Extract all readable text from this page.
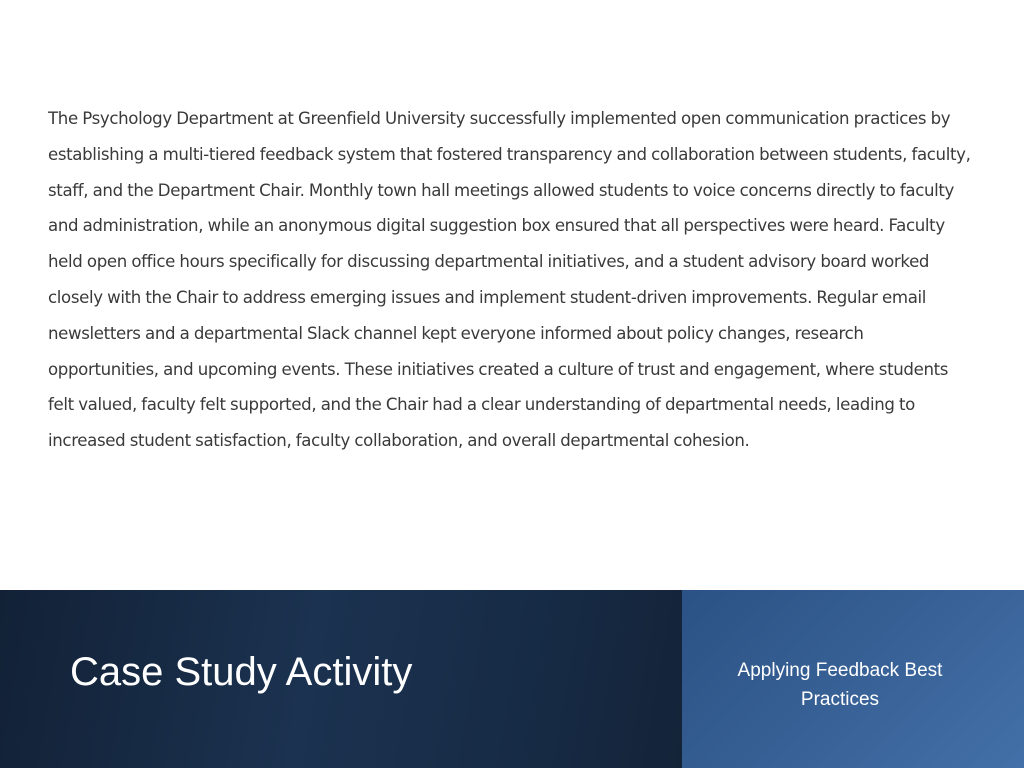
The Psychology Department at Greenfield University successfully implemented open communication practices by establishing a multi-tiered feedback system that fostered transparency and collaboration between students, faculty, staff, and the Department Chair. Monthly town hall meetings allowed students to voice concerns directly to faculty and administration, while an anonymous digital suggestion box ensured that all perspectives were heard. Faculty held open office hours specifically for discussing departmental initiatives, and a student advisory board worked closely with the Chair to address emerging issues and implement student-driven improvements. Regular email newsletters and a departmental Slack channel kept everyone informed about policy changes, research opportunities, and upcoming events. These initiatives created a culture of trust and engagement, where students felt valued, faculty felt supported, and the Chair had a clear understanding of departmental needs, leading to increased student satisfaction, faculty collaboration, and overall departmental cohesion.

Case Study Activity	Applying Feedback Best Practices
